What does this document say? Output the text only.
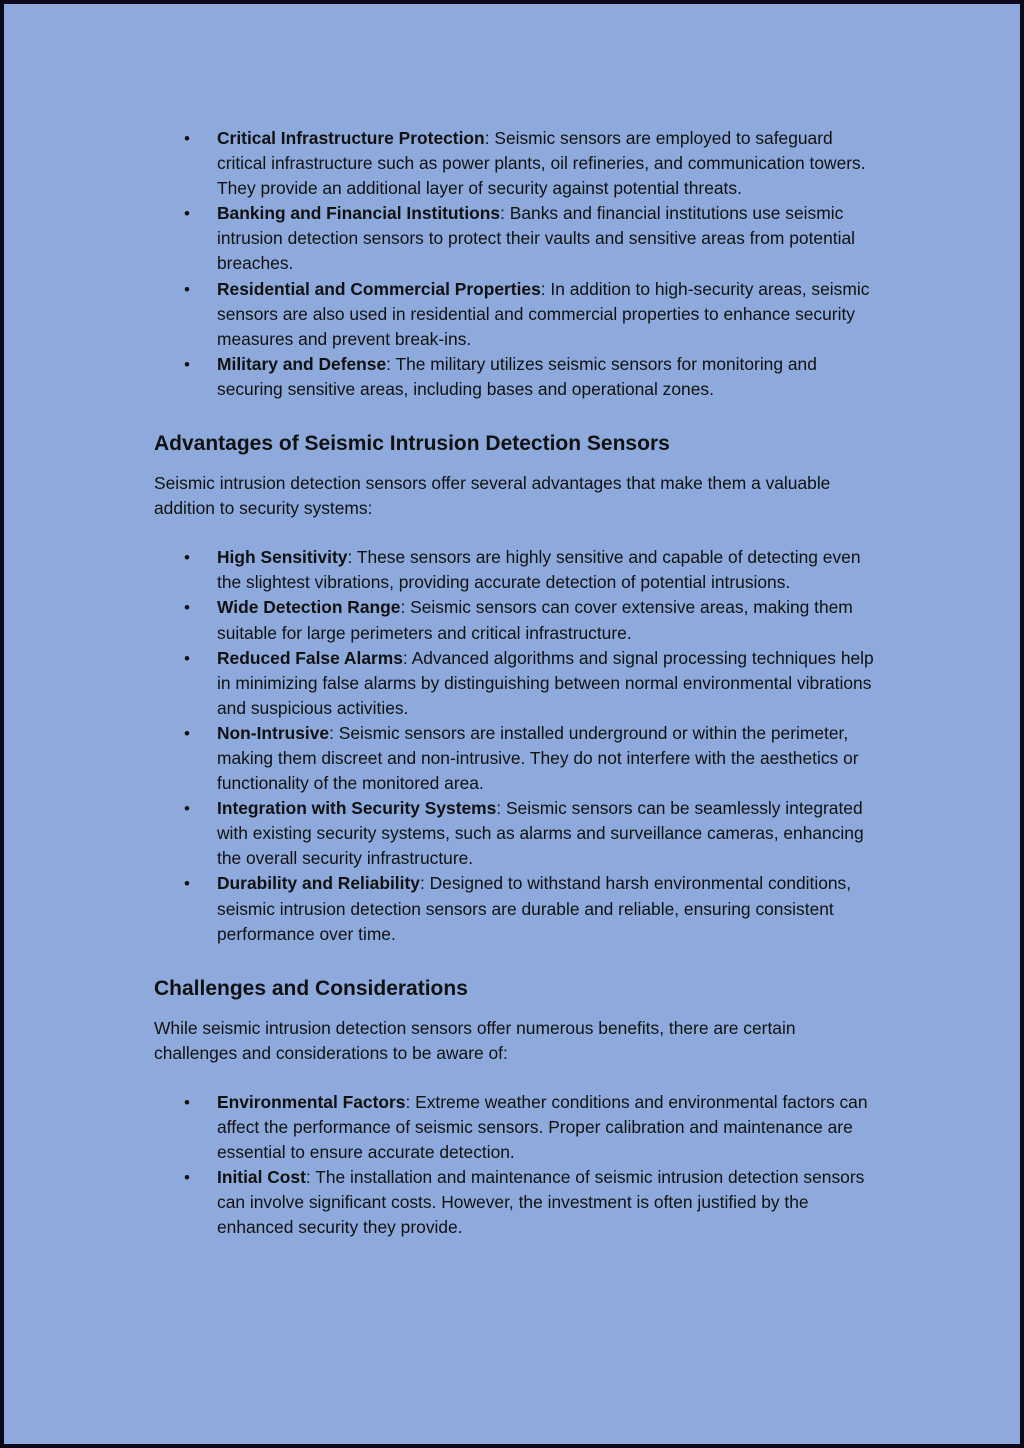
• Critical Infrastructure Protection: Seismic sensors are employed to safeguard critical infrastructure such as power plants, oil refineries, and communication towers. They provide an additional layer of security against potential threats.
• Banking and Financial Institutions: Banks and financial institutions use seismic intrusion detection sensors to protect their vaults and sensitive areas from potential breaches.
• Residential and Commercial Properties: In addition to high-security areas, seismic sensors are also used in residential and commercial properties to enhance security measures and prevent break-ins.
• Military and Defense: The military utilizes seismic sensors for monitoring and securing sensitive areas, including bases and operational zones.
Advantages of Seismic Intrusion Detection Sensors

Seismic intrusion detection sensors offer several advantages that make them a valuable addition to security systems:

• High Sensitivity: These sensors are highly sensitive and capable of detecting even the slightest vibrations, providing accurate detection of potential intrusions.
• Wide Detection Range: Seismic sensors can cover extensive areas, making them suitable for large perimeters and critical infrastructure.
• Reduced False Alarms: Advanced algorithms and signal processing techniques help in minimizing false alarms by distinguishing between normal environmental vibrations and suspicious activities.
• Non-Intrusive: Seismic sensors are installed underground or within the perimeter, making them discreet and non-intrusive. They do not interfere with the aesthetics or functionality of the monitored area.
• Integration with Security Systems: Seismic sensors can be seamlessly integrated with existing security systems, such as alarms and surveillance cameras, enhancing the overall security infrastructure.
• Durability and Reliability: Designed to withstand harsh environmental conditions, seismic intrusion detection sensors are durable and reliable, ensuring consistent performance over time.
Challenges and Considerations

While seismic intrusion detection sensors offer numerous benefits, there are certain challenges and considerations to be aware of:

• Environmental Factors: Extreme weather conditions and environmental factors can affect the performance of seismic sensors. Proper calibration and maintenance are essential to ensure accurate detection.
• Initial Cost: The installation and maintenance of seismic intrusion detection sensors can involve significant costs. However, the investment is often justified by the enhanced security they provide.
